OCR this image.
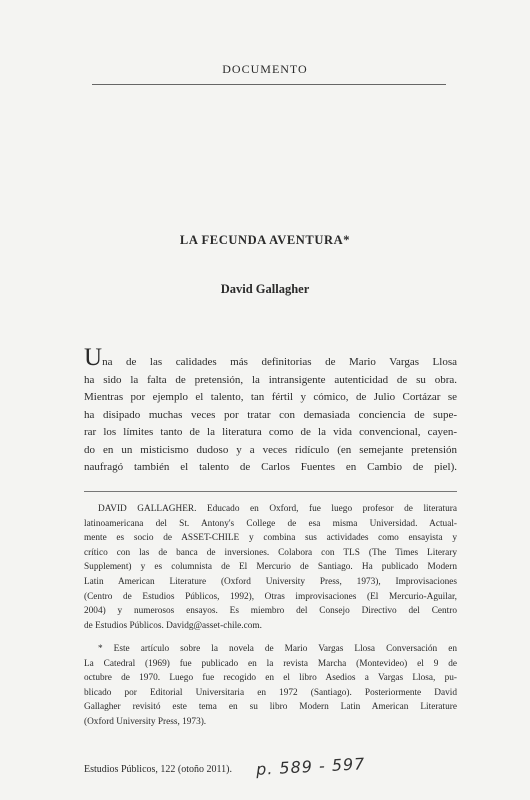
DOCUMENTO
LA FECUNDA AVENTURA*
David Gallagher
Una de las calidades más definitorias de Mario Vargas Llosa
ha sido la falta de pretensión, la intransigente autenticidad de su obra.
Mientras por ejemplo el talento, tan fértil y cómico, de Julio Cortázar se
ha disipado muchas veces por tratar con demasiada conciencia de supe-
rar los límites tanto de la literatura como de la vida convencional, cayen-
do en un misticismo dudoso y a veces ridículo (en semejante pretensión
naufragó también el talento de Carlos Fuentes en Cambio de piel).
DAVID GALLAGHER. Educado en Oxford, fue luego profesor de literatura
latinoamericana del St. Antony's College de esa misma Universidad. Actual-
mente es socio de ASSET-CHILE y combina sus actividades como ensayista y
crítico con las de banca de inversiones. Colabora con TLS (The Times Literary
Supplement) y es columnista de El Mercurio de Santiago. Ha publicado Modern
Latin American Literature (Oxford University Press, 1973), Improvisaciones
(Centro de Estudios Públicos, 1992), Otras improvisaciones (El Mercurio-Aguilar,
2004) y numerosos ensayos. Es miembro del Consejo Directivo del Centro
de Estudios Públicos. Davidg@asset-chile.com.
* Este artículo sobre la novela de Mario Vargas Llosa Conversación en
La Catedral (1969) fue publicado en la revista Marcha (Montevideo) el 9 de
octubre de 1970. Luego fue recogido en el libro Asedios a Vargas Llosa, pu-
blicado por Editorial Universitaria en 1972 (Santiago). Posteriormente David
Gallagher revisitó este tema en su libro Modern Latin American Literature
(Oxford University Press, 1973).
Estudios Públicos, 122 (otoño 2011). p. 589 - 597
